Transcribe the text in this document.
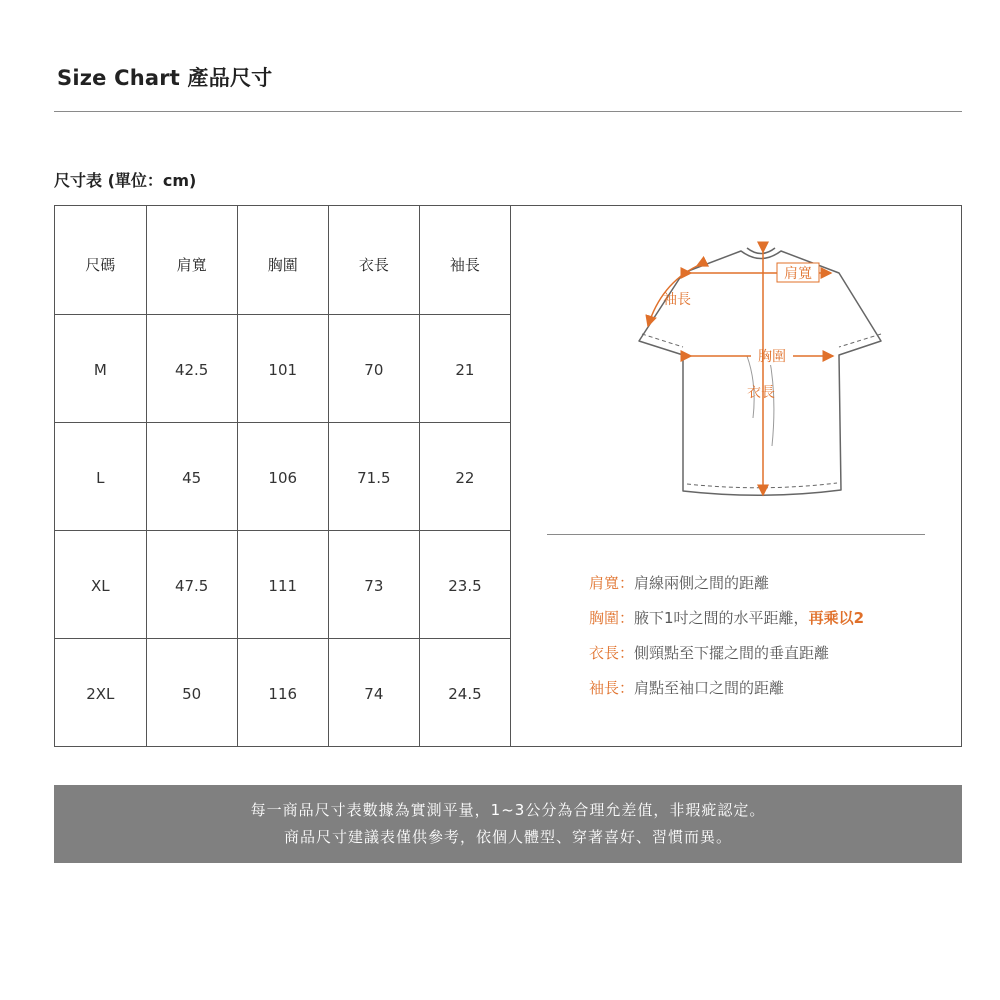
Size Chart 產品尺寸
尺寸表 (單位：cm)
尺碼	肩寬	胸圍	衣長	袖長
M	42.5	101	70	21
L	45	106	71.5	22
XL	47.5	111	73	23.5
2XL	50	116	74	24.5
肩寬
袖長
胸圍
衣長
肩寬：肩線兩側之間的距離
胸圍：腋下1吋之間的水平距離，再乘以2
衣長：側頸點至下擺之間的垂直距離
袖長：肩點至袖口之間的距離
每一商品尺寸表數據為實測平量，1~3公分為合理允差值，非瑕疵認定。
商品尺寸建議表僅供參考，依個人體型、穿著喜好、習慣而異。
